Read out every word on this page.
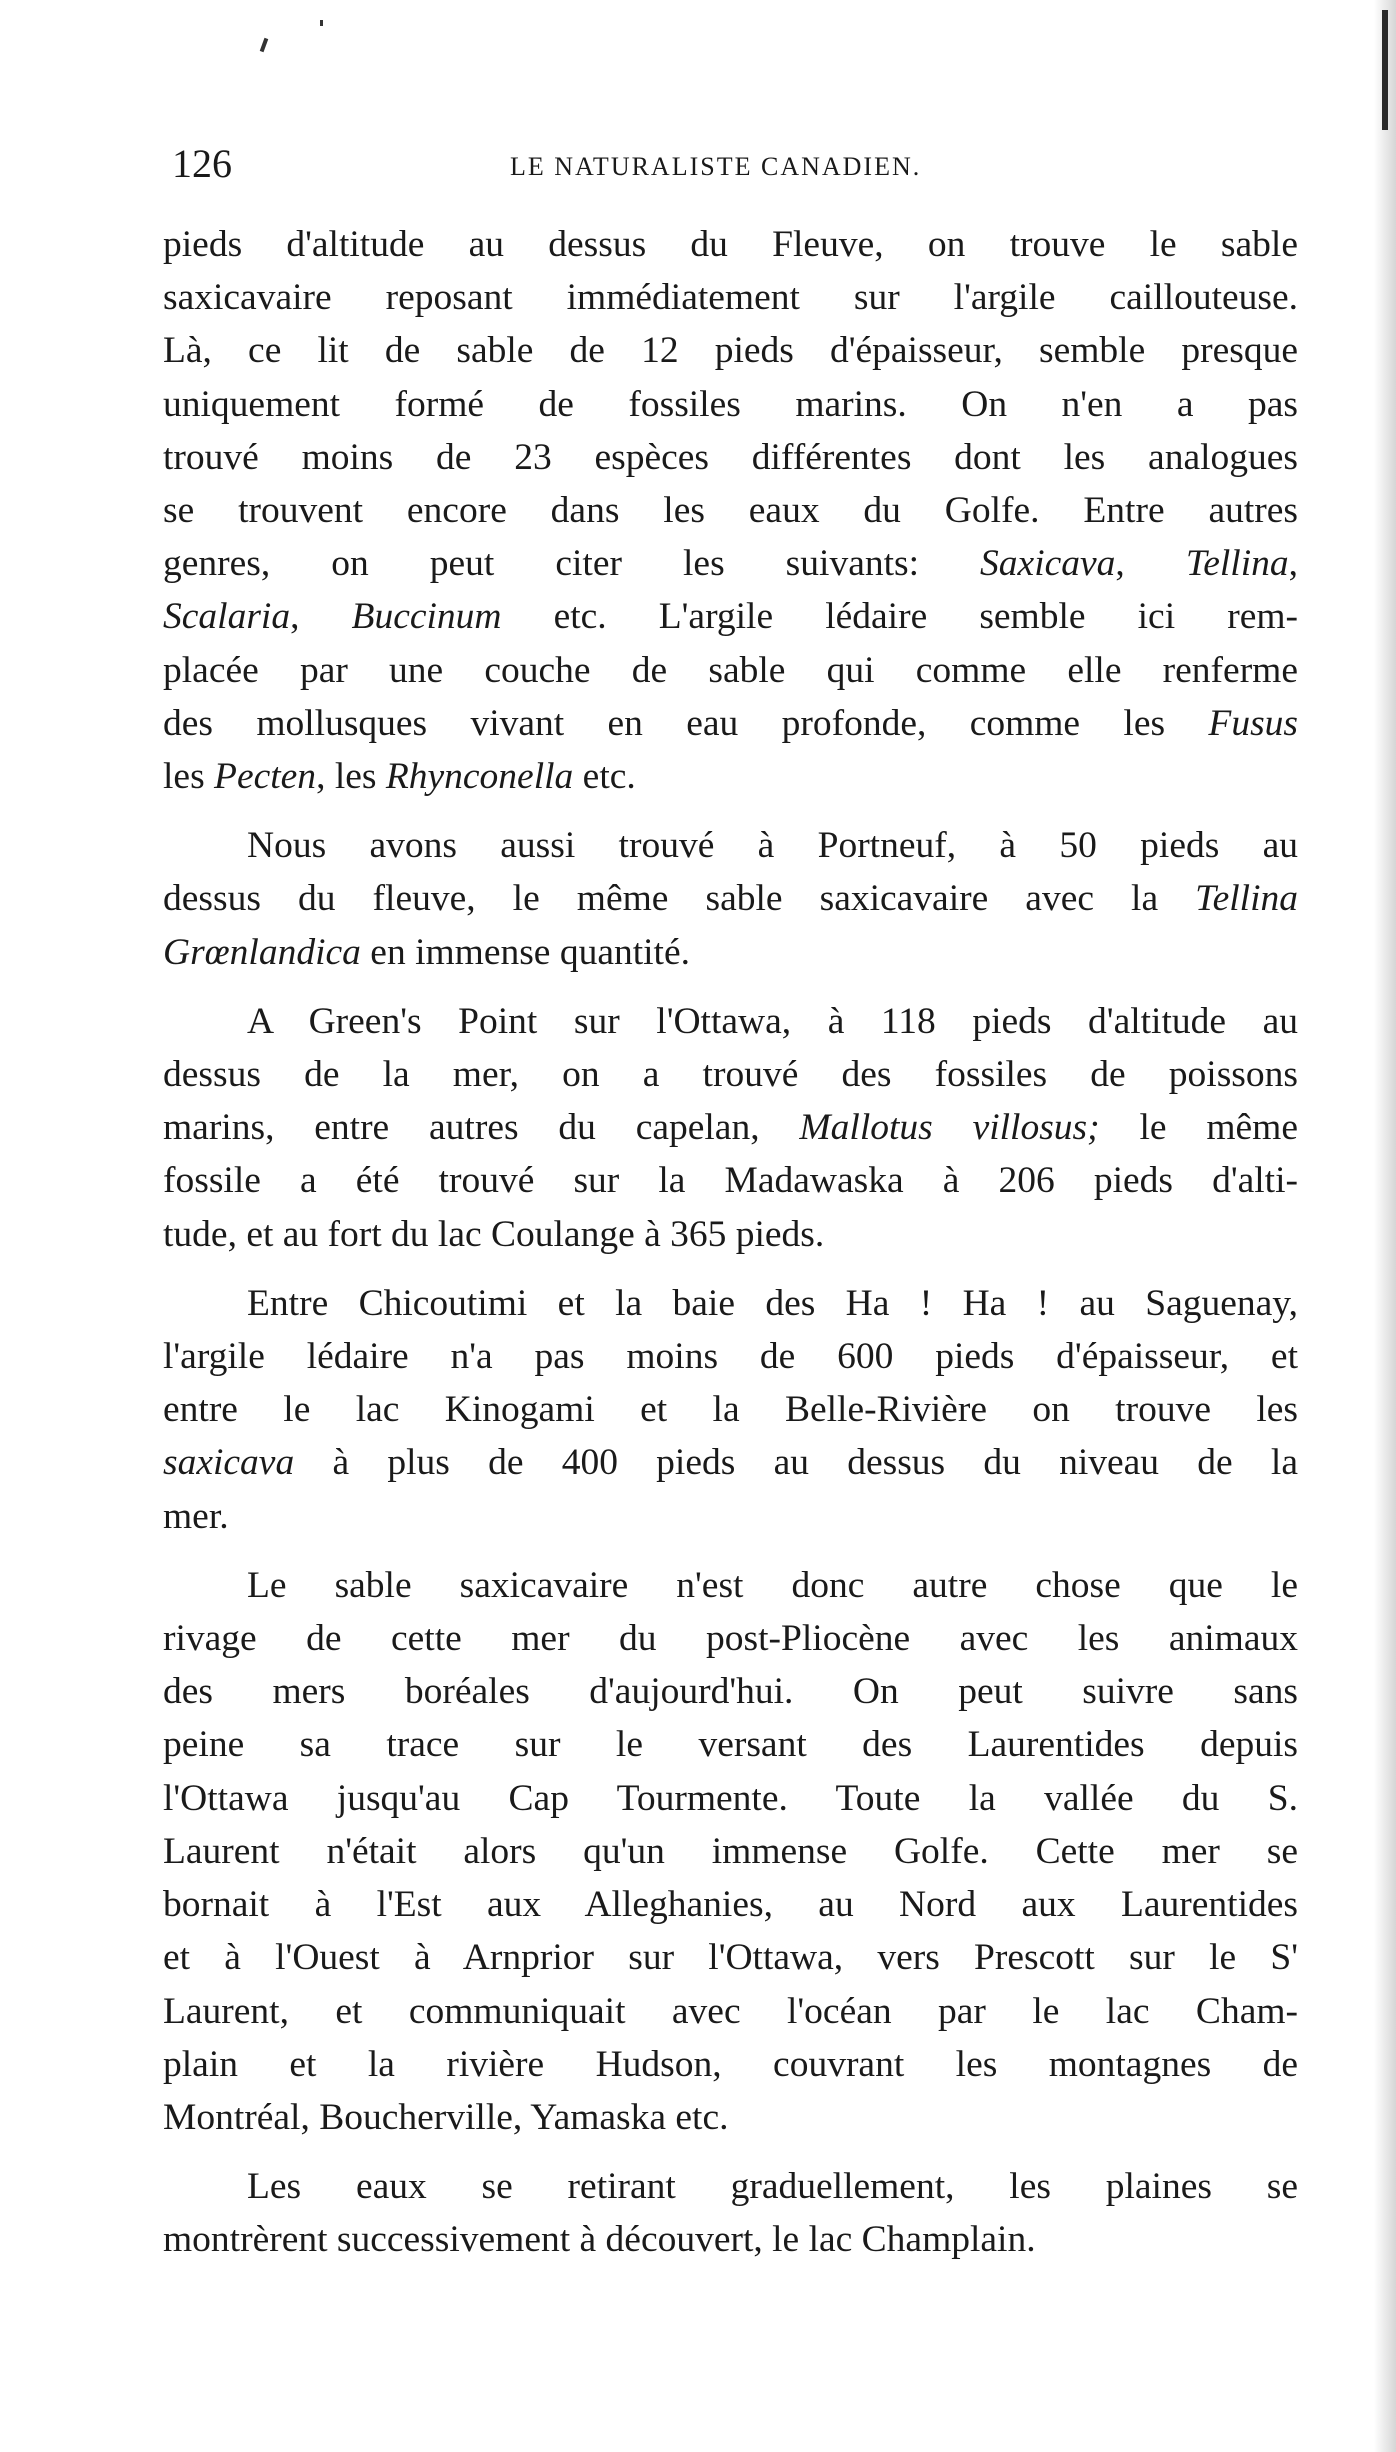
126	LE NATURALISTE CANADIEN.

pieds d'altitude au dessus du Fleuve, on trouve le sable

saxicavaire reposant immédiatement sur l'argile caillouteuse.

Là, ce lit de sable de 12 pieds d'épaisseur, semble presque

uniquement formé de fossiles marins. On n'en a pas

trouvé moins de 23 espèces différentes dont les analogues

se trouvent encore dans les eaux du Golfe. Entre autres

genres, on peut citer les suivants: Saxicava, Tellina,

Scalaria, Buccinum etc. L'argile lédaire semble ici rem-

placée par une couche de sable qui comme elle renferme

des mollusques vivant en eau profonde, comme les Fusus

les Pecten, les Rhynconella etc.

Nous avons aussi trouvé à Portneuf, à 50 pieds au

dessus du fleuve, le même sable saxicavaire avec la Tellina

Grœnlandica en immense quantité.

A Green's Point sur l'Ottawa, à 118 pieds d'altitude au

dessus de la mer, on a trouvé des fossiles de poissons

marins, entre autres du capelan, Mallotus villosus; le même

fossile a été trouvé sur la Madawaska à 206 pieds d'alti-

tude, et au fort du lac Coulange à 365 pieds.

Entre Chicoutimi et la baie des Ha ! Ha ! au Saguenay,

l'argile lédaire n'a pas moins de 600 pieds d'épaisseur, et

entre le lac Kinogami et la Belle-Rivière on trouve les

saxicava à plus de 400 pieds au dessus du niveau de la

mer.

Le sable saxicavaire n'est donc autre chose que le

rivage de cette mer du post-Pliocène avec les animaux

des mers boréales d'aujourd'hui. On peut suivre sans

peine sa trace sur le versant des Laurentides depuis

l'Ottawa jusqu'au Cap Tourmente. Toute la vallée du S.

Laurent n'était alors qu'un immense Golfe. Cette mer se

bornait à l'Est aux Alleghanies, au Nord aux Laurentides

et à l'Ouest à Arnprior sur l'Ottawa, vers Prescott sur le S'

Laurent, et communiquait avec l'océan par le lac Cham-

plain et la rivière Hudson, couvrant les montagnes de

Montréal, Boucherville, Yamaska etc.

Les eaux se retirant graduellement, les plaines se

montrèrent successivement à découvert, le lac Champlain.
